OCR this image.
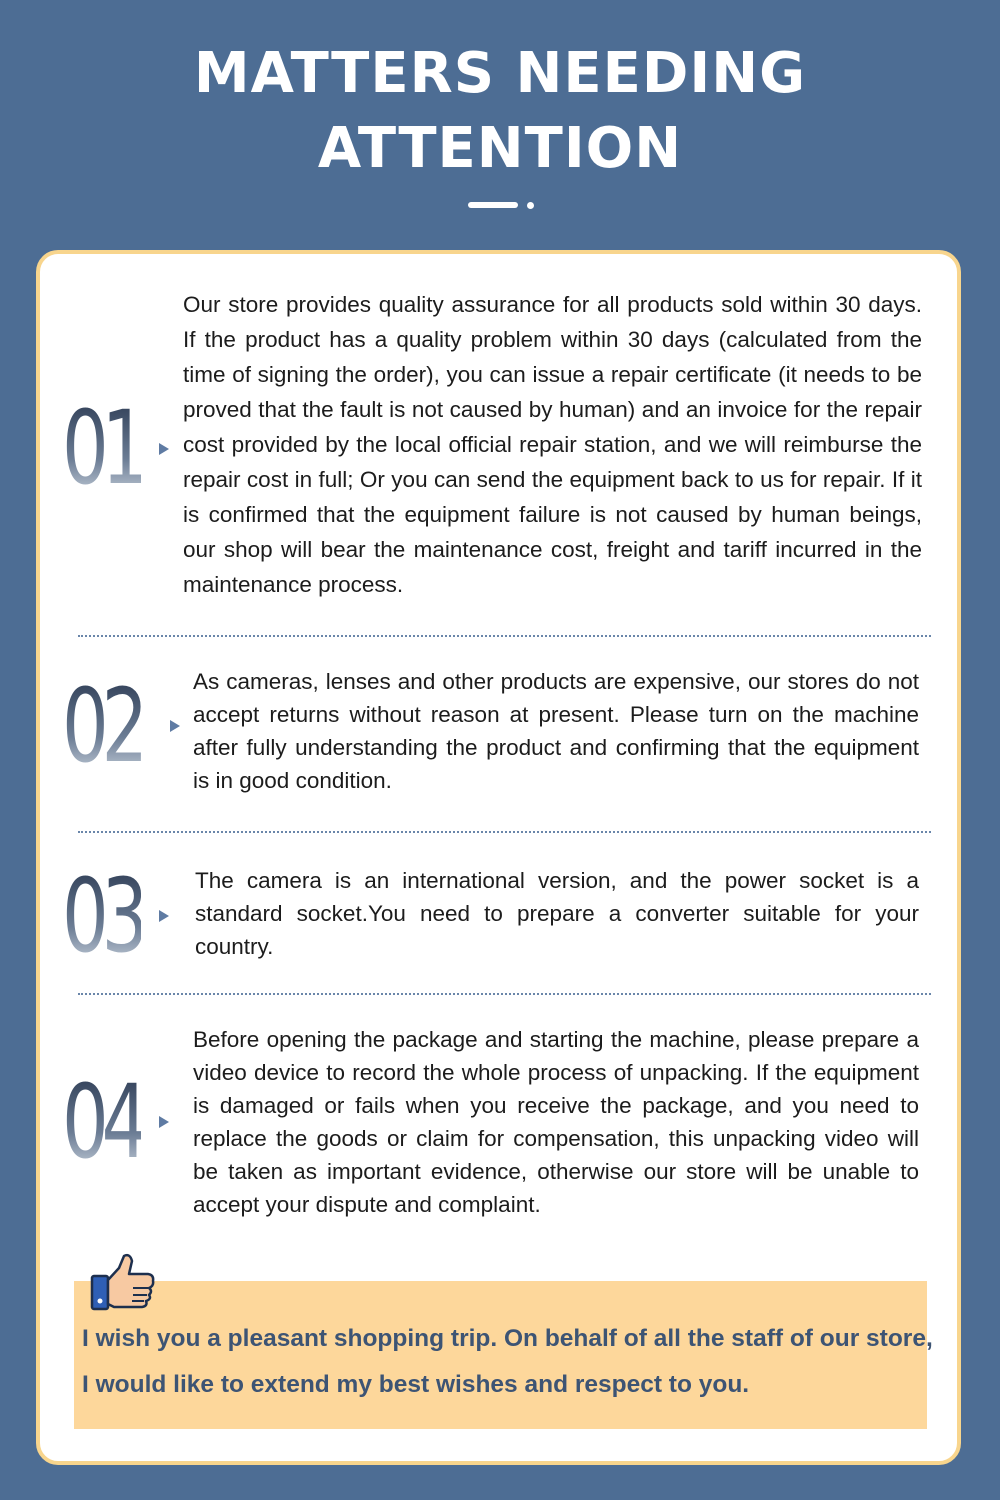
MATTERS NEEDING
ATTENTION
01

Our store provides quality assurance for all products sold within 30 days. If the product has a quality problem within 30 days (calculated from the time of signing the order), you can issue a repair certificate (it needs to be proved that the fault is not caused by human) and an invoice for the repair cost provided by the local official repair station, and we will reimburse the repair cost in full; Or you can send the equipment back to us for repair. If it is confirmed that the equipment failure is not caused by human beings, our shop will bear the maintenance cost, freight and tariff incurred in the maintenance process.

02 As cameras, lenses and other products are expensive, our stores do not accept returns without reason at present. Please turn on the machine after fully understanding the product and confirming that the equipment is in good condition.

03 The camera is an international version, and the power socket is a standard socket.You need to prepare a converter suitable for your country.

04

Before opening the package and starting the machine, please prepare a video device to record the whole process of unpacking. If the equipment is damaged or fails when you receive the package, and you need to replace the goods or claim for compensation, this unpacking video will be taken as important evidence, otherwise our store will be unable to accept your dispute and complaint.

I wish you a pleasant shopping trip. On behalf of all the staff of our store,

I would like to extend my best wishes and respect to you.
